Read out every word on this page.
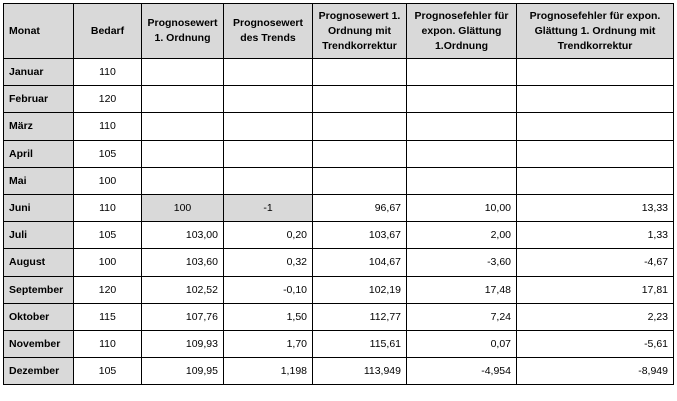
Monat	Bedarf	Prognosewert 1. Ordnung	Prognosewert des Trends	Prognosewert 1. Ordnung mit Trendkorrektur	Prognosefehler für expon. Glättung 1.Ordnung	Prognosefehler für expon. Glättung 1. Ordnung mit Trendkorrektur
Januar	110					
Februar	120					
März	110					
April	105					
Mai	100					
Juni	110	100	-1	96,67	10,00	13,33
Juli	105	103,00	0,20	103,67	2,00	1,33
August	100	103,60	0,32	104,67	-3,60	-4,67
September	120	102,52	-0,10	102,19	17,48	17,81
Oktober	115	107,76	1,50	112,77	7,24	2,23
November	110	109,93	1,70	115,61	0,07	-5,61
Dezember	105	109,95	1,198	113,949	-4,954	-8,949
